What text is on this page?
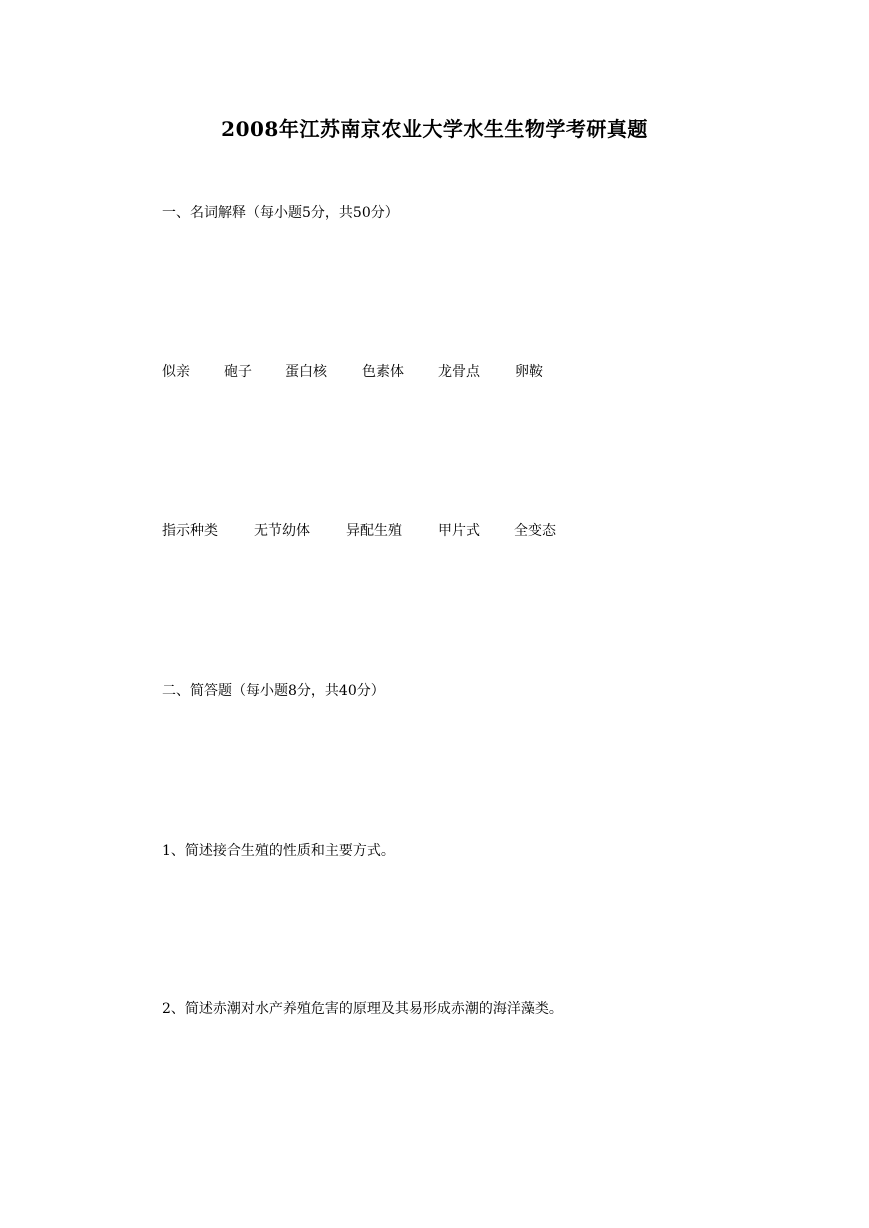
2008年江苏南京农业大学水生生物学考研真题
一、名词解释（每小题5分，共50分）
似亲	砲子	蛋白核	色素体	龙骨点	卵鞍
指示种类	无节幼体	异配生殖	甲片式	全变态
二、简答题（每小题8分，共40分）
1、简述接合生殖的性质和主要方式。
2、简述赤潮对水产养殖危害的原理及其易形成赤潮的海洋藻类。
